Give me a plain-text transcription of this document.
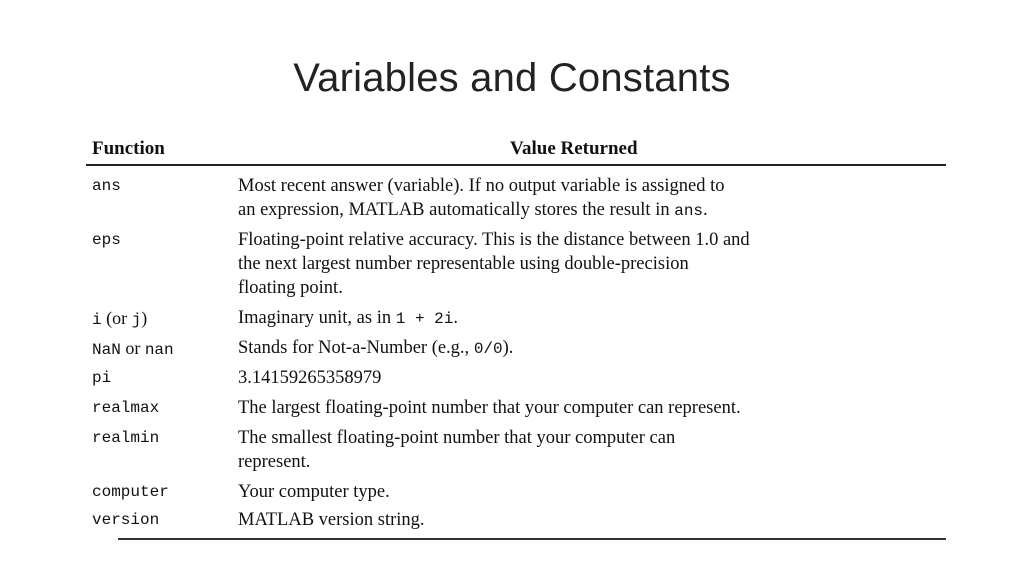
Variables and Constants
Function	Value Returned
ans	Most recent answer (variable). If no output variable is assigned to
an expression, MATLAB automatically stores the result in ans.
eps	Floating-point relative accuracy. This is the distance between 1.0 and
the next largest number representable using double-precision
floating point.
i (or j)	Imaginary unit, as in 1 + 2i.
NaN or nan	Stands for Not-a-Number (e.g., 0/0).
pi	3.14159265358979
realmax	The largest floating-point number that your computer can represent.
realmin	The smallest floating-point number that your computer can
represent.
computer	Your computer type.
version	MATLAB version string.
